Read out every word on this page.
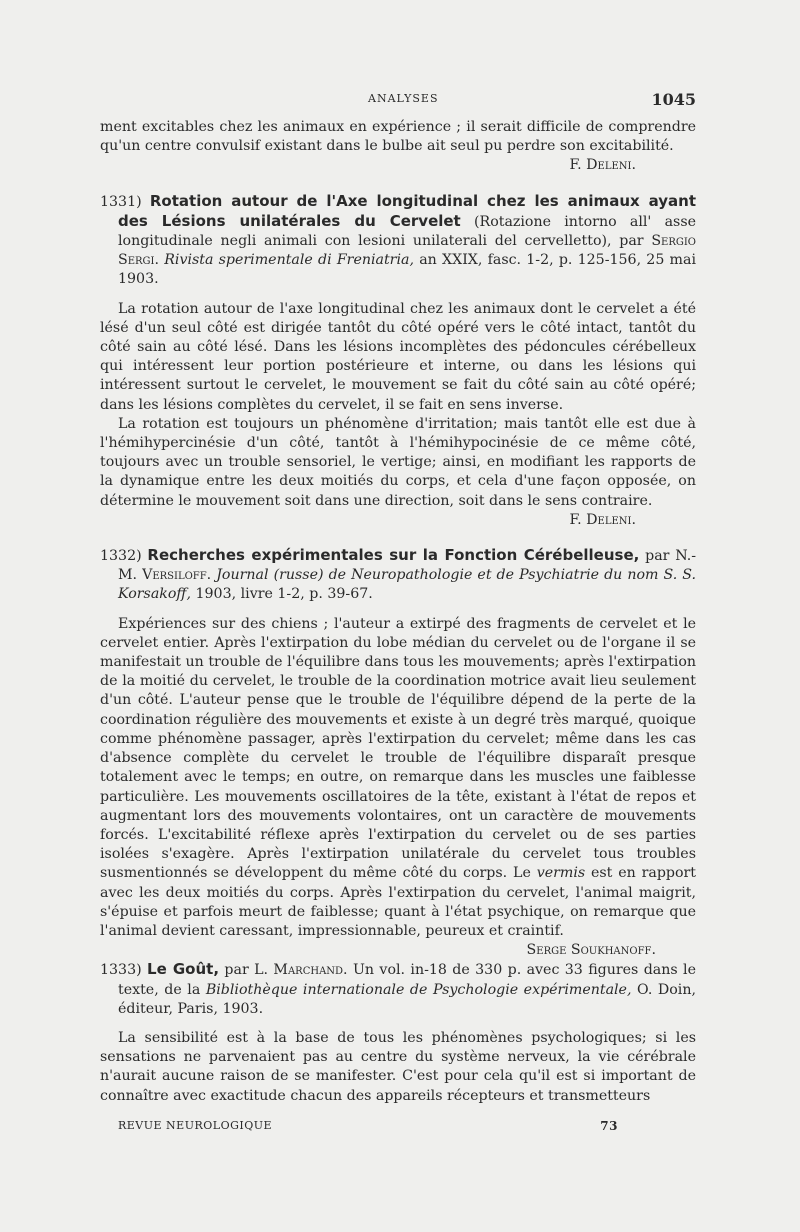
ANALYSES	1045

ment excitables chez les animaux en expérience ; il serait difficile de comprendre qu'un centre convulsif existant dans le bulbe ait seul pu perdre son excitabilité.

F. Deleni.

1331) Rotation autour de l'Axe longitudinal chez les animaux ayant des Lésions unilatérales du Cervelet (Rotazione intorno all' asse longitudinale negli animali con lesioni unilaterali del cervelletto), par Sergio Sergi. Rivista sperimentale di Freniatria, an XXIX, fasc. 1-2, p. 125-156, 25 mai 1903.

La rotation autour de l'axe longitudinal chez les animaux dont le cervelet a été lésé d'un seul côté est dirigée tantôt du côté opéré vers le côté intact, tantôt du côté sain au côté lésé. Dans les lésions incomplètes des pédoncules cérébelleux qui intéressent leur portion postérieure et interne, ou dans les lésions qui intéressent surtout le cervelet, le mouvement se fait du côté sain au côté opéré; dans les lésions complètes du cervelet, il se fait en sens inverse.

La rotation est toujours un phénomène d'irritation; mais tantôt elle est due à l'hémihypercinésie d'un côté, tantôt à l'hémihypocinésie de ce même côté, toujours avec un trouble sensoriel, le vertige; ainsi, en modifiant les rapports de la dynamique entre les deux moitiés du corps, et cela d'une façon opposée, on détermine le mouvement soit dans une direction, soit dans le sens contraire.

F. Deleni.

1332) Recherches expérimentales sur la Fonction Cérébelleuse, par N.-M. Versiloff. Journal (russe) de Neuropathologie et de Psychiatrie du nom S. S. Korsakoff, 1903, livre 1-2, p. 39-67.

Expériences sur des chiens ; l'auteur a extirpé des fragments de cervelet et le cervelet entier. Après l'extirpation du lobe médian du cervelet ou de l'organe il se manifestait un trouble de l'équilibre dans tous les mouvements; après l'extirpation de la moitié du cervelet, le trouble de la coordination motrice avait lieu seulement d'un côté. L'auteur pense que le trouble de l'équilibre dépend de la perte de la coordination régulière des mouvements et existe à un degré très marqué, quoique comme phénomène passager, après l'extirpation du cervelet; même dans les cas d'absence complète du cervelet le trouble de l'équilibre disparaît presque totalement avec le temps; en outre, on remarque dans les muscles une faiblesse particulière. Les mouvements oscillatoires de la tête, existant à l'état de repos et augmentant lors des mouvements volontaires, ont un caractère de mouvements forcés. L'excitabilité réflexe après l'extirpation du cervelet ou de ses parties isolées s'exagère. Après l'extirpation unilatérale du cervelet tous troubles susmentionnés se développent du même côté du corps. Le vermis est en rapport avec les deux moitiés du corps. Après l'extirpation du cervelet, l'animal maigrit, s'épuise et parfois meurt de faiblesse; quant à l'état psychique, on remarque que l'animal devient caressant, impressionnable, peureux et craintif.
Serge Soukhanoff.

1333) Le Goût, par L. Marchand. Un vol. in-18 de 330 p. avec 33 figures dans le texte, de la Bibliothèque internationale de Psychologie expérimentale, O. Doin, éditeur, Paris, 1903.

La sensibilité est à la base de tous les phénomènes psychologiques; si les sensations ne parvenaient pas au centre du système nerveux, la vie cérébrale n'aurait aucune raison de se manifester. C'est pour cela qu'il est si important de connaître avec exactitude chacun des appareils récepteurs et transmetteurs

REVUE NEUROLOGIQUE	73
